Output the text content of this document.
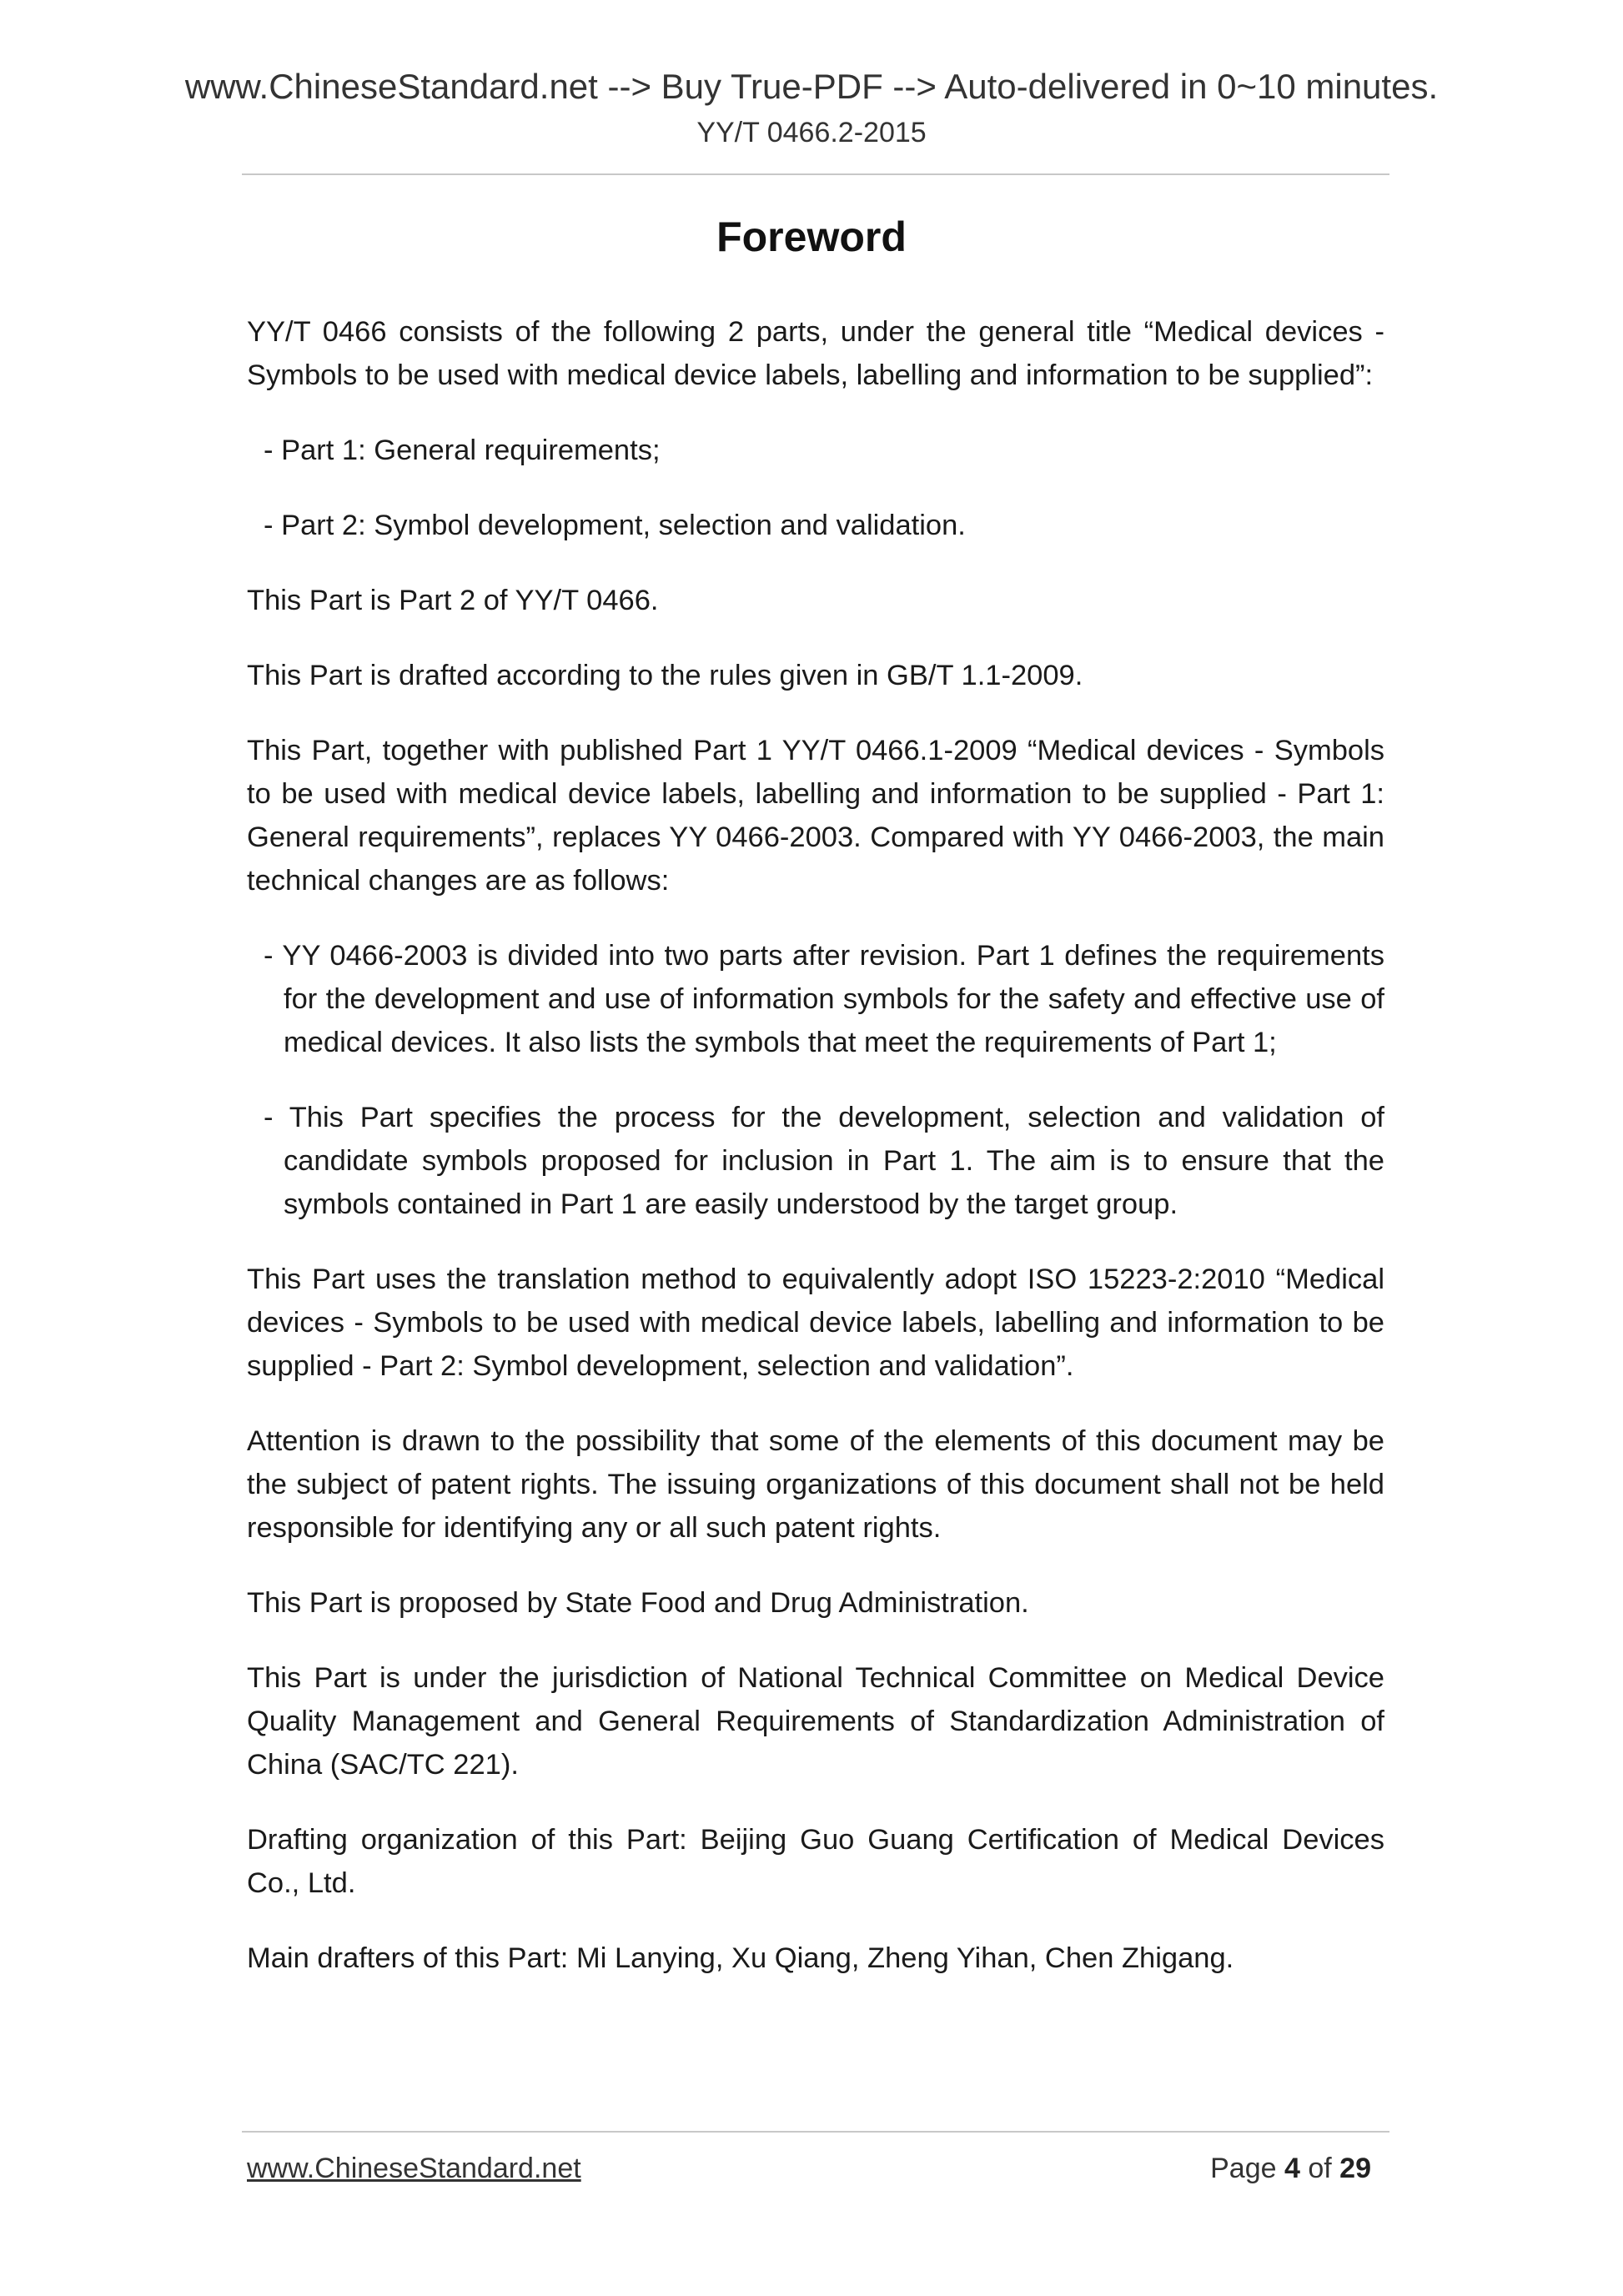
www.ChineseStandard.net --> Buy True-PDF --> Auto-delivered in 0~10 minutes.
YY/T 0466.2-2015
Foreword

YY/T 0466 consists of the following 2 parts, under the general title “Medical devices - Symbols to be used with medical device labels, labelling and information to be supplied”:

- Part 1: General requirements;
- Part 2: Symbol development, selection and validation.

This Part is Part 2 of YY/T 0466.

This Part is drafted according to the rules given in GB/T 1.1-2009.

This Part, together with published Part 1 YY/T 0466.1-2009 “Medical devices - Symbols to be used with medical device labels, labelling and information to be supplied - Part 1: General requirements”, replaces YY 0466-2003. Compared with YY 0466-2003, the main technical changes are as follows:

- YY 0466-2003 is divided into two parts after revision. Part 1 defines the requirements for the development and use of information symbols for the safety and effective use of medical devices. It also lists the symbols that meet the requirements of Part 1;
- This Part specifies the process for the development, selection and validation of candidate symbols proposed for inclusion in Part 1. The aim is to ensure that the symbols contained in Part 1 are easily understood by the target group.

This Part uses the translation method to equivalently adopt ISO 15223-2:2010 “Medical devices - Symbols to be used with medical device labels, labelling and information to be supplied - Part 2: Symbol development, selection and validation”.

Attention is drawn to the possibility that some of the elements of this document may be the subject of patent rights. The issuing organizations of this document shall not be held responsible for identifying any or all such patent rights.

This Part is proposed by State Food and Drug Administration.

This Part is under the jurisdiction of National Technical Committee on Medical Device Quality Management and General Requirements of Standardization Administration of China (SAC/TC 221).

Drafting organization of this Part: Beijing Guo Guang Certification of Medical Devices Co., Ltd.

Main drafters of this Part: Mi Lanying, Xu Qiang, Zheng Yihan, Chen Zhigang.

www.ChineseStandard.net	Page 4 of 29
